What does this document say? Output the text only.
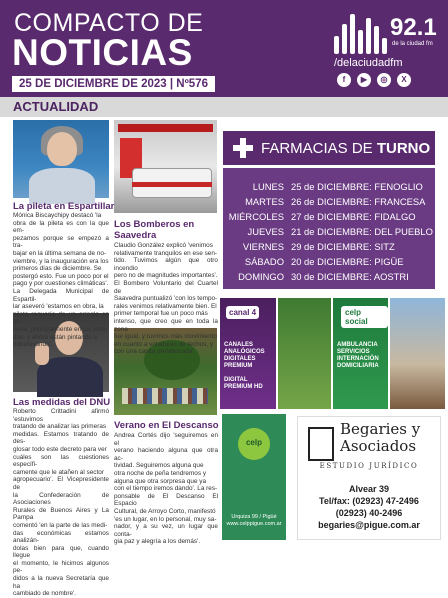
COMPACTO DE
NOTICIAS
25 DE DICIEMBRE DE 2023 | Nº576
92.1
de la ciudad fm
/delaciudadfm
f	▶	◎	X
ACTUALIDAD
La pileta en Espartillar
Mónica Biscaychipy destacó 'la
obra de la pileta es con la que em-
pezamos porque se empezó a tra-
bajar en la última semana de no-
viembre, y la inauguración era los
primeros días de diciembre. Se
postergó esto. Fue un poco por el
pago y por cuestiones climáticas'.
La Delegada Municipal de Espartil-
lar aseveró 'estamos en obra, la
pileta requería de un arreglo en ge-
neral, principalmente en las vere-
das, y ahora están pintando e
hidrolavando'.
Los Bomberos en
Saavedra
Claudio González explicó 'venimos
relativamente tranquilos en ese sen-
tido. Tuvimos algún que otro incendio
pero no de magnitudes importantes'.
El Bombero Voluntario del Cuartel de
Saavedra puntualizó 'con los tempo-
rales venimos relativamente bien. El
primer temporal fue un poco más
intenso, que creo que en toda la zona
fue igual, y tuvimos más movimiento
en cuanto a voladuras de techos, y
con una casita prefabricada'.
Las medidas del DNU
Roberto Crittadini afirmó 'estuvimos
tratando de analizar las primeras
medidas. Estamos tratando de des-
glosar todo este decreto para ver
cuáles son las cuestiones específi-
camente que le atañen al sector
agropecuario'. El Vicepresidente de
la Confederación de Asociaciones
Rurales de Buenos Aires y La Pampa
comentó 'en la parte de las medi-
das económicas estamos analizán-
dolas bien para que, cuando llegue
el momento, le hicimos algunos pe-
didos a la nueva Secretaría que ha
cambiado de nombre'.
Verano en El Descanso
Andrea Cortés dijo 'seguiremos en el
verano haciendo alguna que otra ac-
tividad. Seguiremos alguna que
otra noche de peña tendremos y
alguna que otra sorpresa que ya
con el tiempo iremos dando'. La res-
ponsable de El Descanso El Espacio
Cultural, de Arroyo Corto, manifestó
'es un lugar, en lo personal, muy sa-
nador, y a su vez, un lugar que conta-
gia paz y alegría a los demás'.
FARMACIAS DE TURNO
LUNES 25 de DICIEMBRE: FENOGLIO
MARTES 26 de DICIEMBRE: FRANCESA
MIÉRCOLES 27 de DICIEMBRE: FIDALGO
JUEVES 21 de DICIEMBRE: DEL PUEBLO
VIERNES 29 de DICIEMBRE: SITZ
SÁBADO 20 de DICIEMBRE: PIGÜE
DOMINGO 30 de DICIEMBRE: AOSTRI
canal 4
CANALES
ANALÓGICOS
DIGITALES
PREMIUM

DIGITAL
PREMIUM HD
celp social
AMBULANCIA
SERVICIOS
INTERNACIÓN
DOMICILIARIA
celp
Urquiza 99 / Pigüé
www.celppigue.com.ar
Begaries y
Asociados
ESTUDIO JURÍDICO
Alvear 39
Tel/fax: (02923) 47-2496
(02923) 40-2496
begaries@pigue.com.ar
